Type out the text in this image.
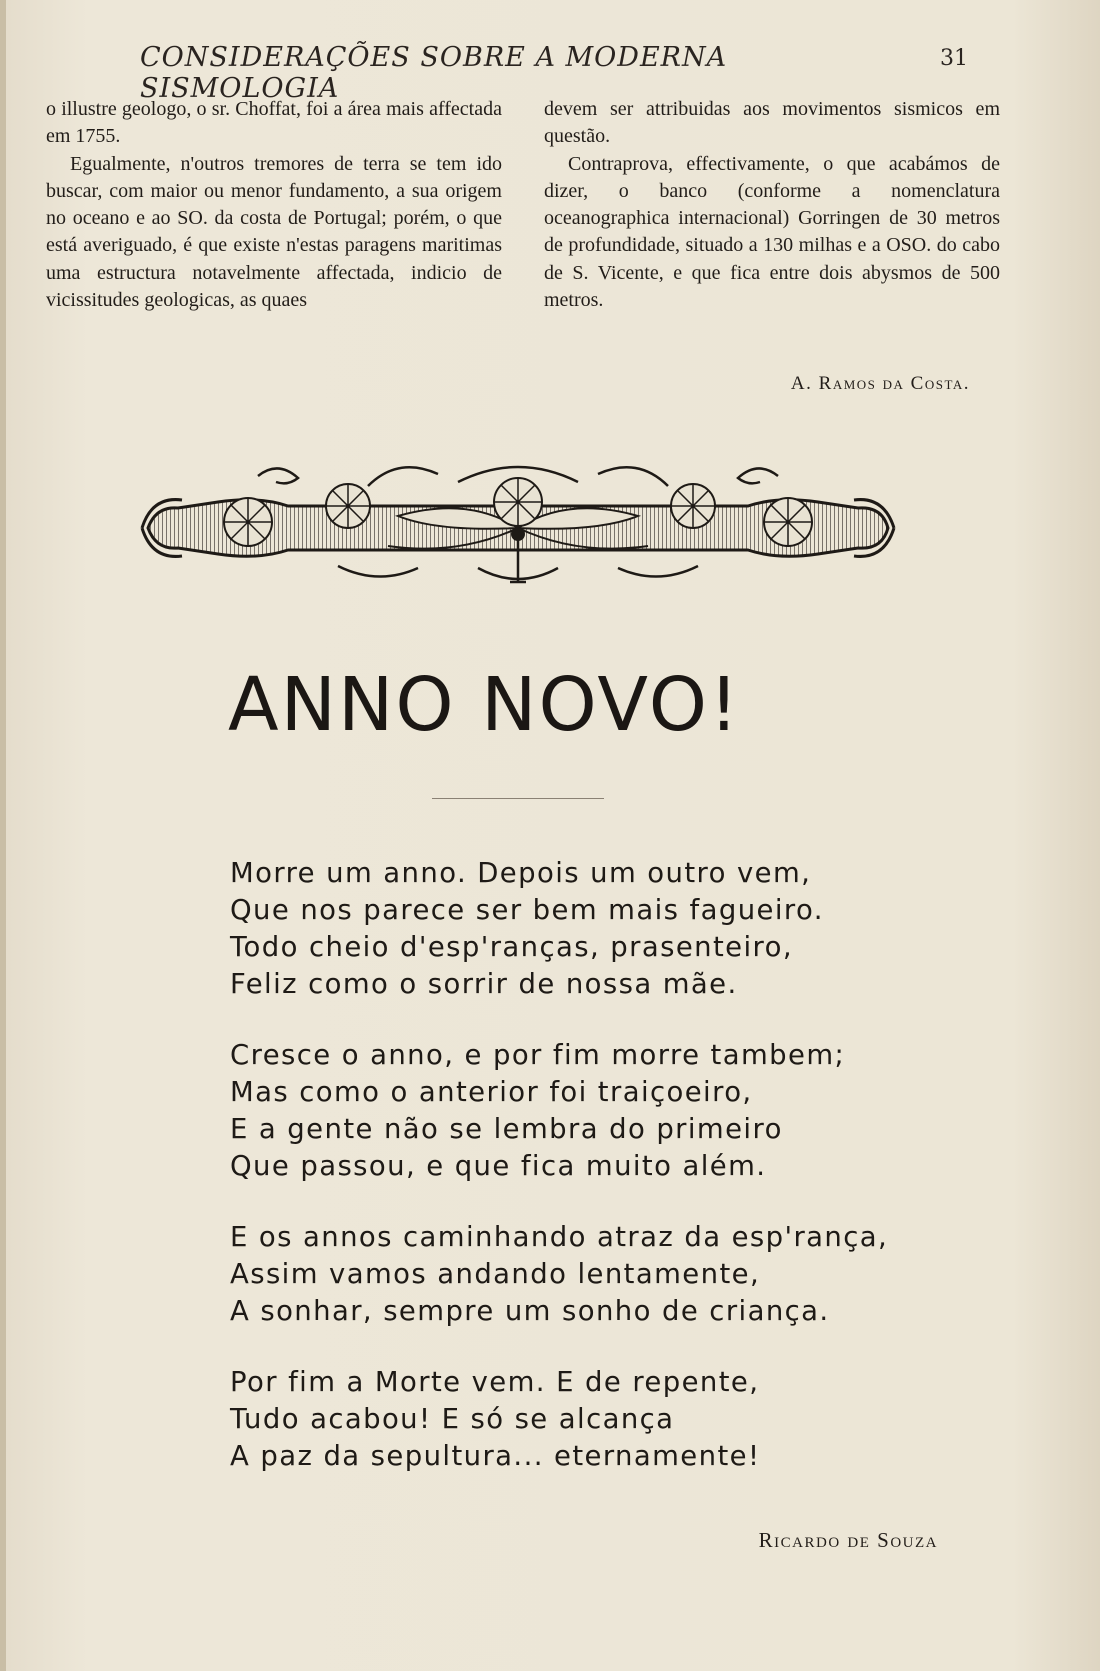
CONSIDERAÇÕES SOBRE A MODERNA SISMOLOGIA
31

o illustre geologo, o sr. Choffat, foi a área mais affectada em 1755.

Egualmente, n'outros tremores de terra se tem ido buscar, com maior ou menor fundamento, a sua origem no oceano e ao SO. da costa de Portugal; porém, o que está averiguado, é que existe n'estas paragens maritimas uma estructura notavelmente affectada, indicio de vicissitudes geologicas, as quaes

devem ser attribuidas aos movimentos sismicos em questão.

Contraprova, effectivamente, o que acabámos de dizer, o banco (conforme a nomenclatura oceanographica internacional) Gorringen de 30 metros de profundidade, situado a 130 milhas e a OSO. do cabo de S. Vicente, e que fica entre dois abysmos de 500 metros.

A. Ramos da Costa.
ANNO NOVO!
Morre um anno. Depois um outro vem,
Que nos parece ser bem mais fagueiro.
Todo cheio d'esp'ranças, prasenteiro,
Feliz como o sorrir de nossa mãe.
Cresce o anno, e por fim morre tambem;
Mas como o anterior foi traiçoeiro,
E a gente não se lembra do primeiro
Que passou, e que fica muito além.
E os annos caminhando atraz da esp'rança,
Assim vamos andando lentamente,
A sonhar, sempre um sonho de criança.
Por fim a Morte vem. E de repente,
Tudo acabou! E só se alcança
A paz da sepultura... eternamente!
Ricardo de Souza
